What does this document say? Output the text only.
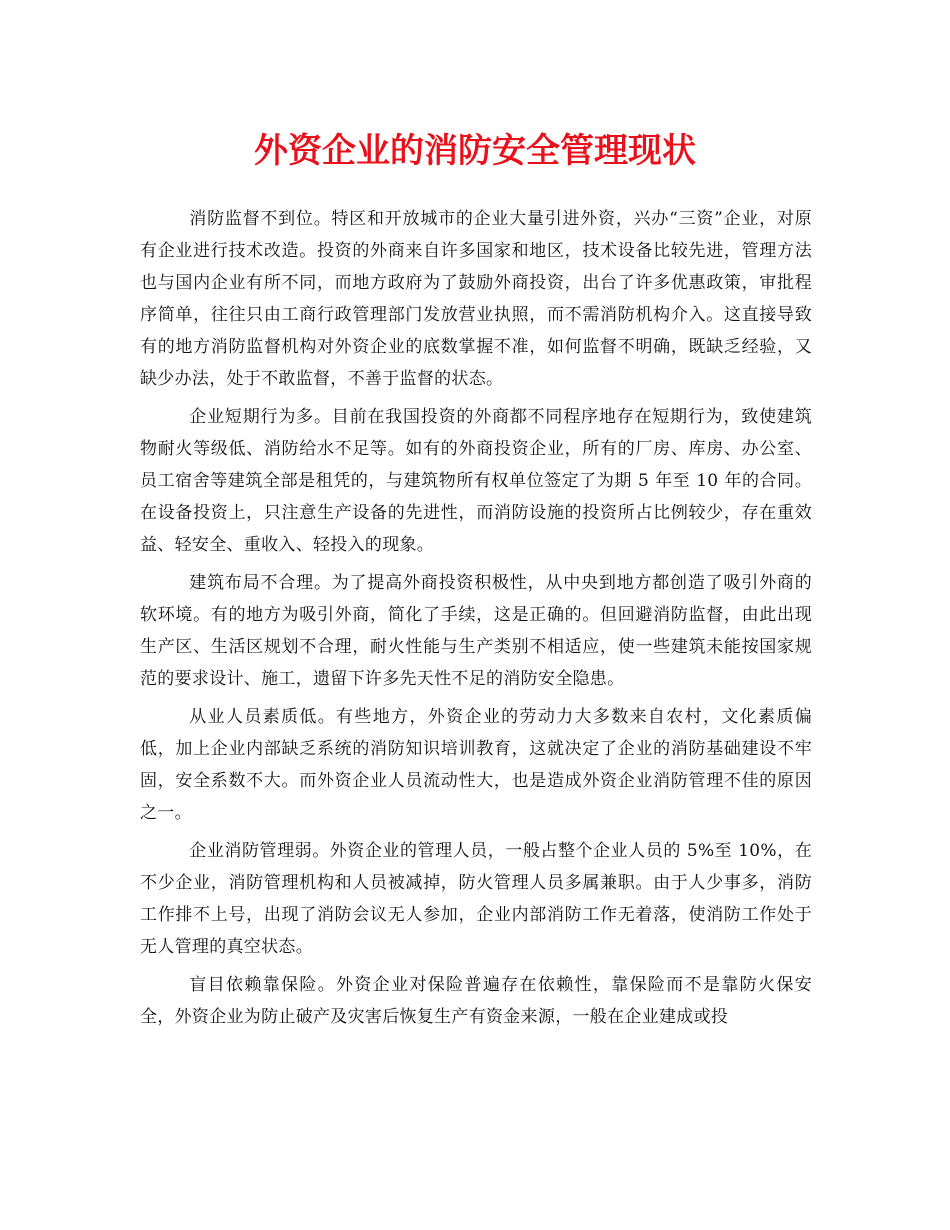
外资企业的消防安全管理现状

消防监督不到位。特区和开放城市的企业大量引进外资，兴办“三资”企业，对原有企业进行技术改造。投资的外商来自许多国家和地区，技术设备比较先进，管理方法也与国内企业有所不同，而地方政府为了鼓励外商投资，出台了许多优惠政策，审批程序简单，往往只由工商行政管理部门发放营业执照，而不需消防机构介入。这直接导致有的地方消防监督机构对外资企业的底数掌握不准，如何监督不明确，既缺乏经验，又缺少办法，处于不敢监督，不善于监督的状态。

企业短期行为多。目前在我国投资的外商都不同程序地存在短期行为，致使建筑物耐火等级低、消防给水不足等。如有的外商投资企业，所有的厂房、库房、办公室、员工宿舍等建筑全部是租凭的，与建筑物所有权单位签定了为期 5 年至 10 年的合同。在设备投资上，只注意生产设备的先进性，而消防设施的投资所占比例较少，存在重效益、轻安全、重收入、轻投入的现象。

建筑布局不合理。为了提高外商投资积极性，从中央到地方都创造了吸引外商的软环境。有的地方为吸引外商，简化了手续，这是正确的。但回避消防监督，由此出现生产区、生活区规划不合理，耐火性能与生产类别不相适应，使一些建筑未能按国家规范的要求设计、施工，遗留下许多先天性不足的消防安全隐患。

从业人员素质低。有些地方，外资企业的劳动力大多数来自农村，文化素质偏低，加上企业内部缺乏系统的消防知识培训教育，这就决定了企业的消防基础建设不牢固，安全系数不大。而外资企业人员流动性大，也是造成外资企业消防管理不佳的原因之一。

企业消防管理弱。外资企业的管理人员，一般占整个企业人员的 5%至 10%，在不少企业，消防管理机构和人员被减掉，防火管理人员多属兼职。由于人少事多，消防工作排不上号，出现了消防会议无人参加，企业内部消防工作无着落，使消防工作处于无人管理的真空状态。

盲目依赖靠保险。外资企业对保险普遍存在依赖性，靠保险而不是靠防火保安全，外资企业为防止破产及灾害后恢复生产有资金来源，一般在企业建成或投
